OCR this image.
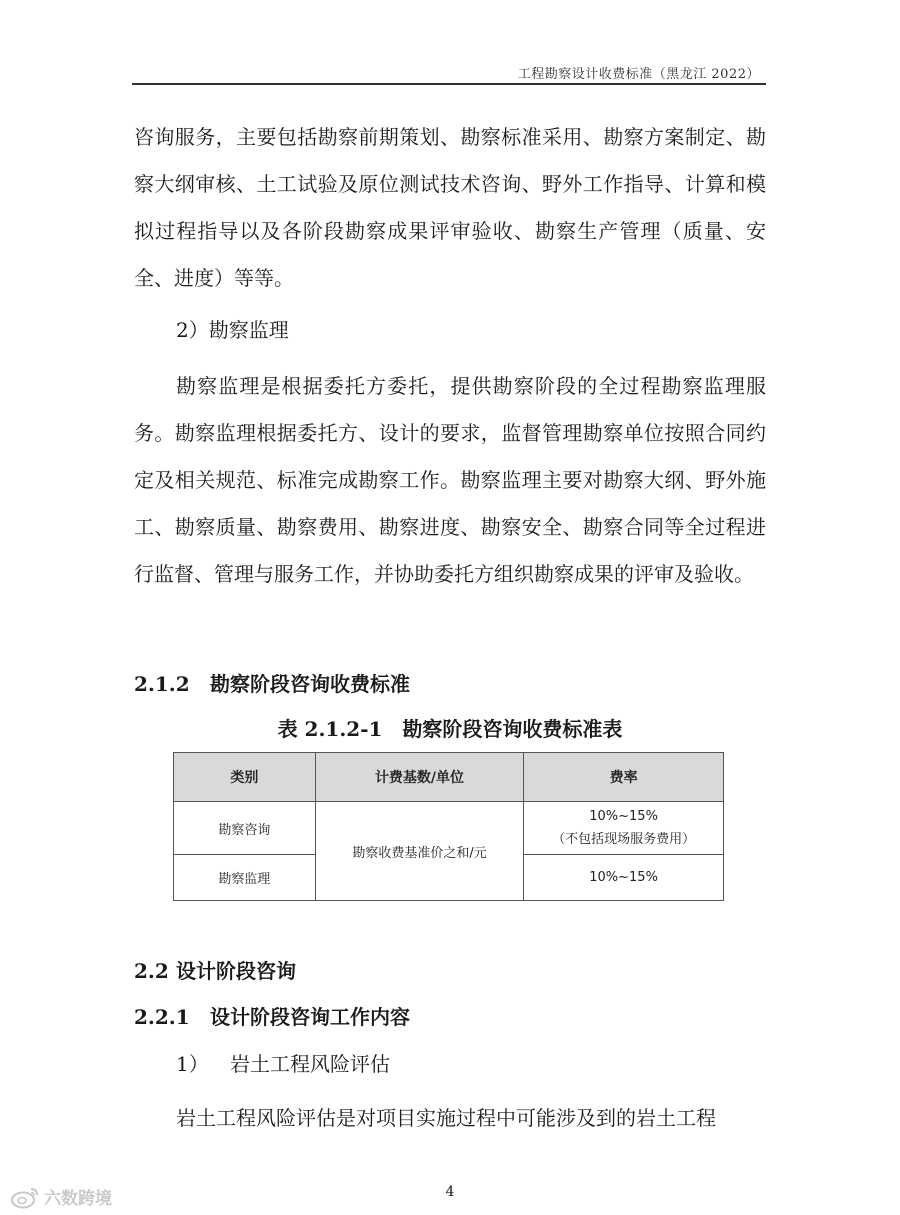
工程勘察设计收费标准（黑龙江 2022）

咨询服务，主要包括勘察前期策划、勘察标准采用、勘察方案制定、勘察大纲审核、土工试验及原位测试技术咨询、野外工作指导、计算和模拟过程指导以及各阶段勘察成果评审验收、勘察生产管理（质量、安全、进度）等等。

2）勘察监理

勘察监理是根据委托方委托，提供勘察阶段的全过程勘察监理服务。勘察监理根据委托方、设计的要求，监督管理勘察单位按照合同约定及相关规范、标准完成勘察工作。勘察监理主要对勘察大纲、野外施工、勘察质量、勘察费用、勘察进度、勘察安全、勘察合同等全过程进行监督、管理与服务工作，并协助委托方组织勘察成果的评审及验收。

2.1.2 勘察阶段咨询收费标准
表 2.1.2-1 勘察阶段咨询收费标准表
类别	计费基数/单位	费率
勘察咨询	勘察收费基准价之和/元	10%~15%
（不包括现场服务费用）

勘察监理		10%~15%
2.2 设计阶段咨询
2.2.1 设计阶段咨询工作内容

1） 岩土工程风险评估

岩土工程风险评估是对项目实施过程中可能涉及到的岩土工程

4
六数跨境
